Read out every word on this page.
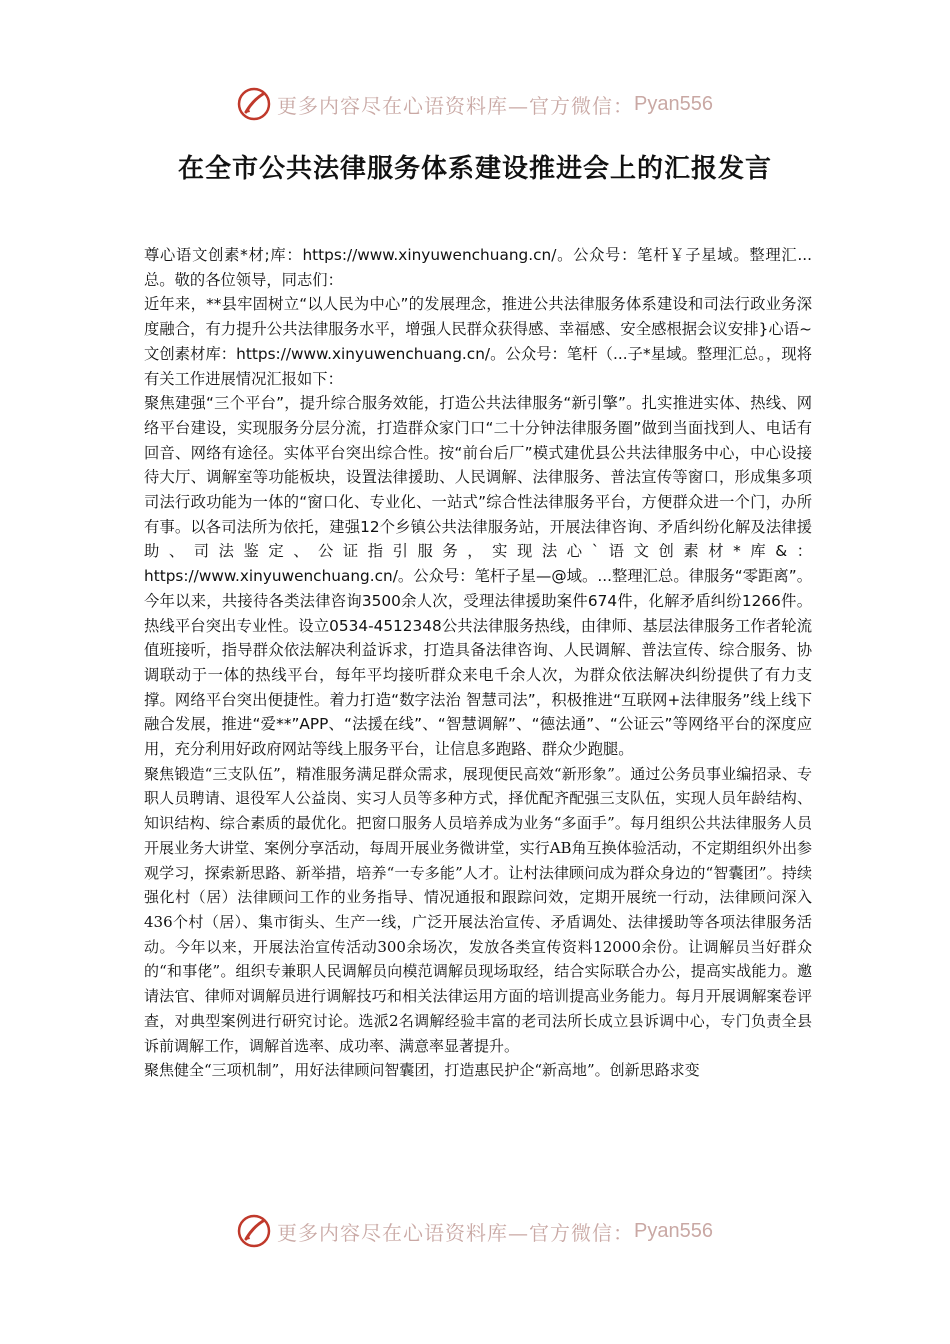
更多内容尽在心语资料库—官方微信： Pyan556
在全市公共法律服务体系建设推进会上的汇报发言

尊心语文创素*材;库：https://www.xinyuwenchuang.cn/。公众号：笔杆￥子星域。整理汇...总。敬的各位领导，同志们：

近年来，**县牢固树立“以人民为中心”的发展理念，推进公共法律服务体系建设和司法行政业务深度融合，有力提升公共法律服务水平，增强人民群众获得感、幸福感、安全感根据会议安排}心语~文创素材库：https://www.xinyuwenchuang.cn/。公众号：笔杆（...子*星域。整理汇总。，现将有关工作进展情况汇报如下：

聚焦建强“三个平台”，提升综合服务效能，打造公共法律服务“新引擎”。扎实推进实体、热线、网络平台建设，实现服务分层分流，打造群众家门口“二十分钟法律服务圈”做到当面找到人、电话有回音、网络有途径。实体平台突出综合性。按“前台后厂”模式建优县公共法律服务中心，中心设接待大厅、调解室等功能板块，设置法律援助、人民调解、法律服务、普法宣传等窗口，形成集多项司法行政功能为一体的“窗口化、专业化、一站式”综合性法律服务平台，方便群众进一个门，办所有事。以各司法所为依托，建强12个乡镇公共法律服务站，开展法律咨询、矛盾纠纷化解及法律援助、司法鉴定、公证指引服务，实现法心`语文创素材*库&：https://www.xinyuwenchuang.cn/。公众号：笔杆子星—@域。...整理汇总。律服务“零距离”。今年以来，共接待各类法律咨询3500余人次，受理法律援助案件674件，化解矛盾纠纷1266件。热线平台突出专业性。设立0534-4512348公共法律服务热线，由律师、基层法律服务工作者轮流值班接听，指导群众依法解决利益诉求，打造具备法律咨询、人民调解、普法宣传、综合服务、协调联动于一体的热线平台，每年平均接听群众来电千余人次，为群众依法解决纠纷提供了有力支撑。网络平台突出便捷性。着力打造“数字法治 智慧司法”，积极推进“互联网+法律服务”线上线下融合发展，推进“爱**”APP、“法援在线”、“智慧调解”、“德法通”、“公证云”等网络平台的深度应用，充分利用好政府网站等线上服务平台，让信息多跑路、群众少跑腿。

聚焦锻造“三支队伍”，精准服务满足群众需求，展现便民高效“新形象”。通过公务员事业编招录、专职人员聘请、退役军人公益岗、实习人员等多种方式，择优配齐配强三支队伍，实现人员年龄结构、知识结构、综合素质的最优化。把窗口服务人员培养成为业务“多面手”。每月组织公共法律服务人员开展业务大讲堂、案例分享活动，每周开展业务微讲堂，实行AB角互换体验活动，不定期组织外出参观学习，探索新思路、新举措，培养“一专多能”人才。让村法律顾问成为群众身边的“智囊团”。持续强化村（居）法律顾问工作的业务指导、情况通报和跟踪问效，定期开展统一行动，法律顾问深入436个村（居）、集市街头、生产一线，广泛开展法治宣传、矛盾调处、法律援助等各项法律服务活动。今年以来，开展法治宣传活动300余场次，发放各类宣传资料12000余份。让调解员当好群众的“和事佬”。组织专兼职人民调解员向模范调解员现场取经，结合实际联合办公，提高实战能力。邀请法官、律师对调解员进行调解技巧和相关法律运用方面的培训提高业务能力。每月开展调解案卷评查，对典型案例进行研究讨论。选派2名调解经验丰富的老司法所长成立县诉调中心，专门负责全县诉前调解工作，调解首选率、成功率、满意率显著提升。

聚焦健全“三项机制”，用好法律顾问智囊团，打造惠民护企“新高地”。创新思路求变

更多内容尽在心语资料库—官方微信： Pyan556
